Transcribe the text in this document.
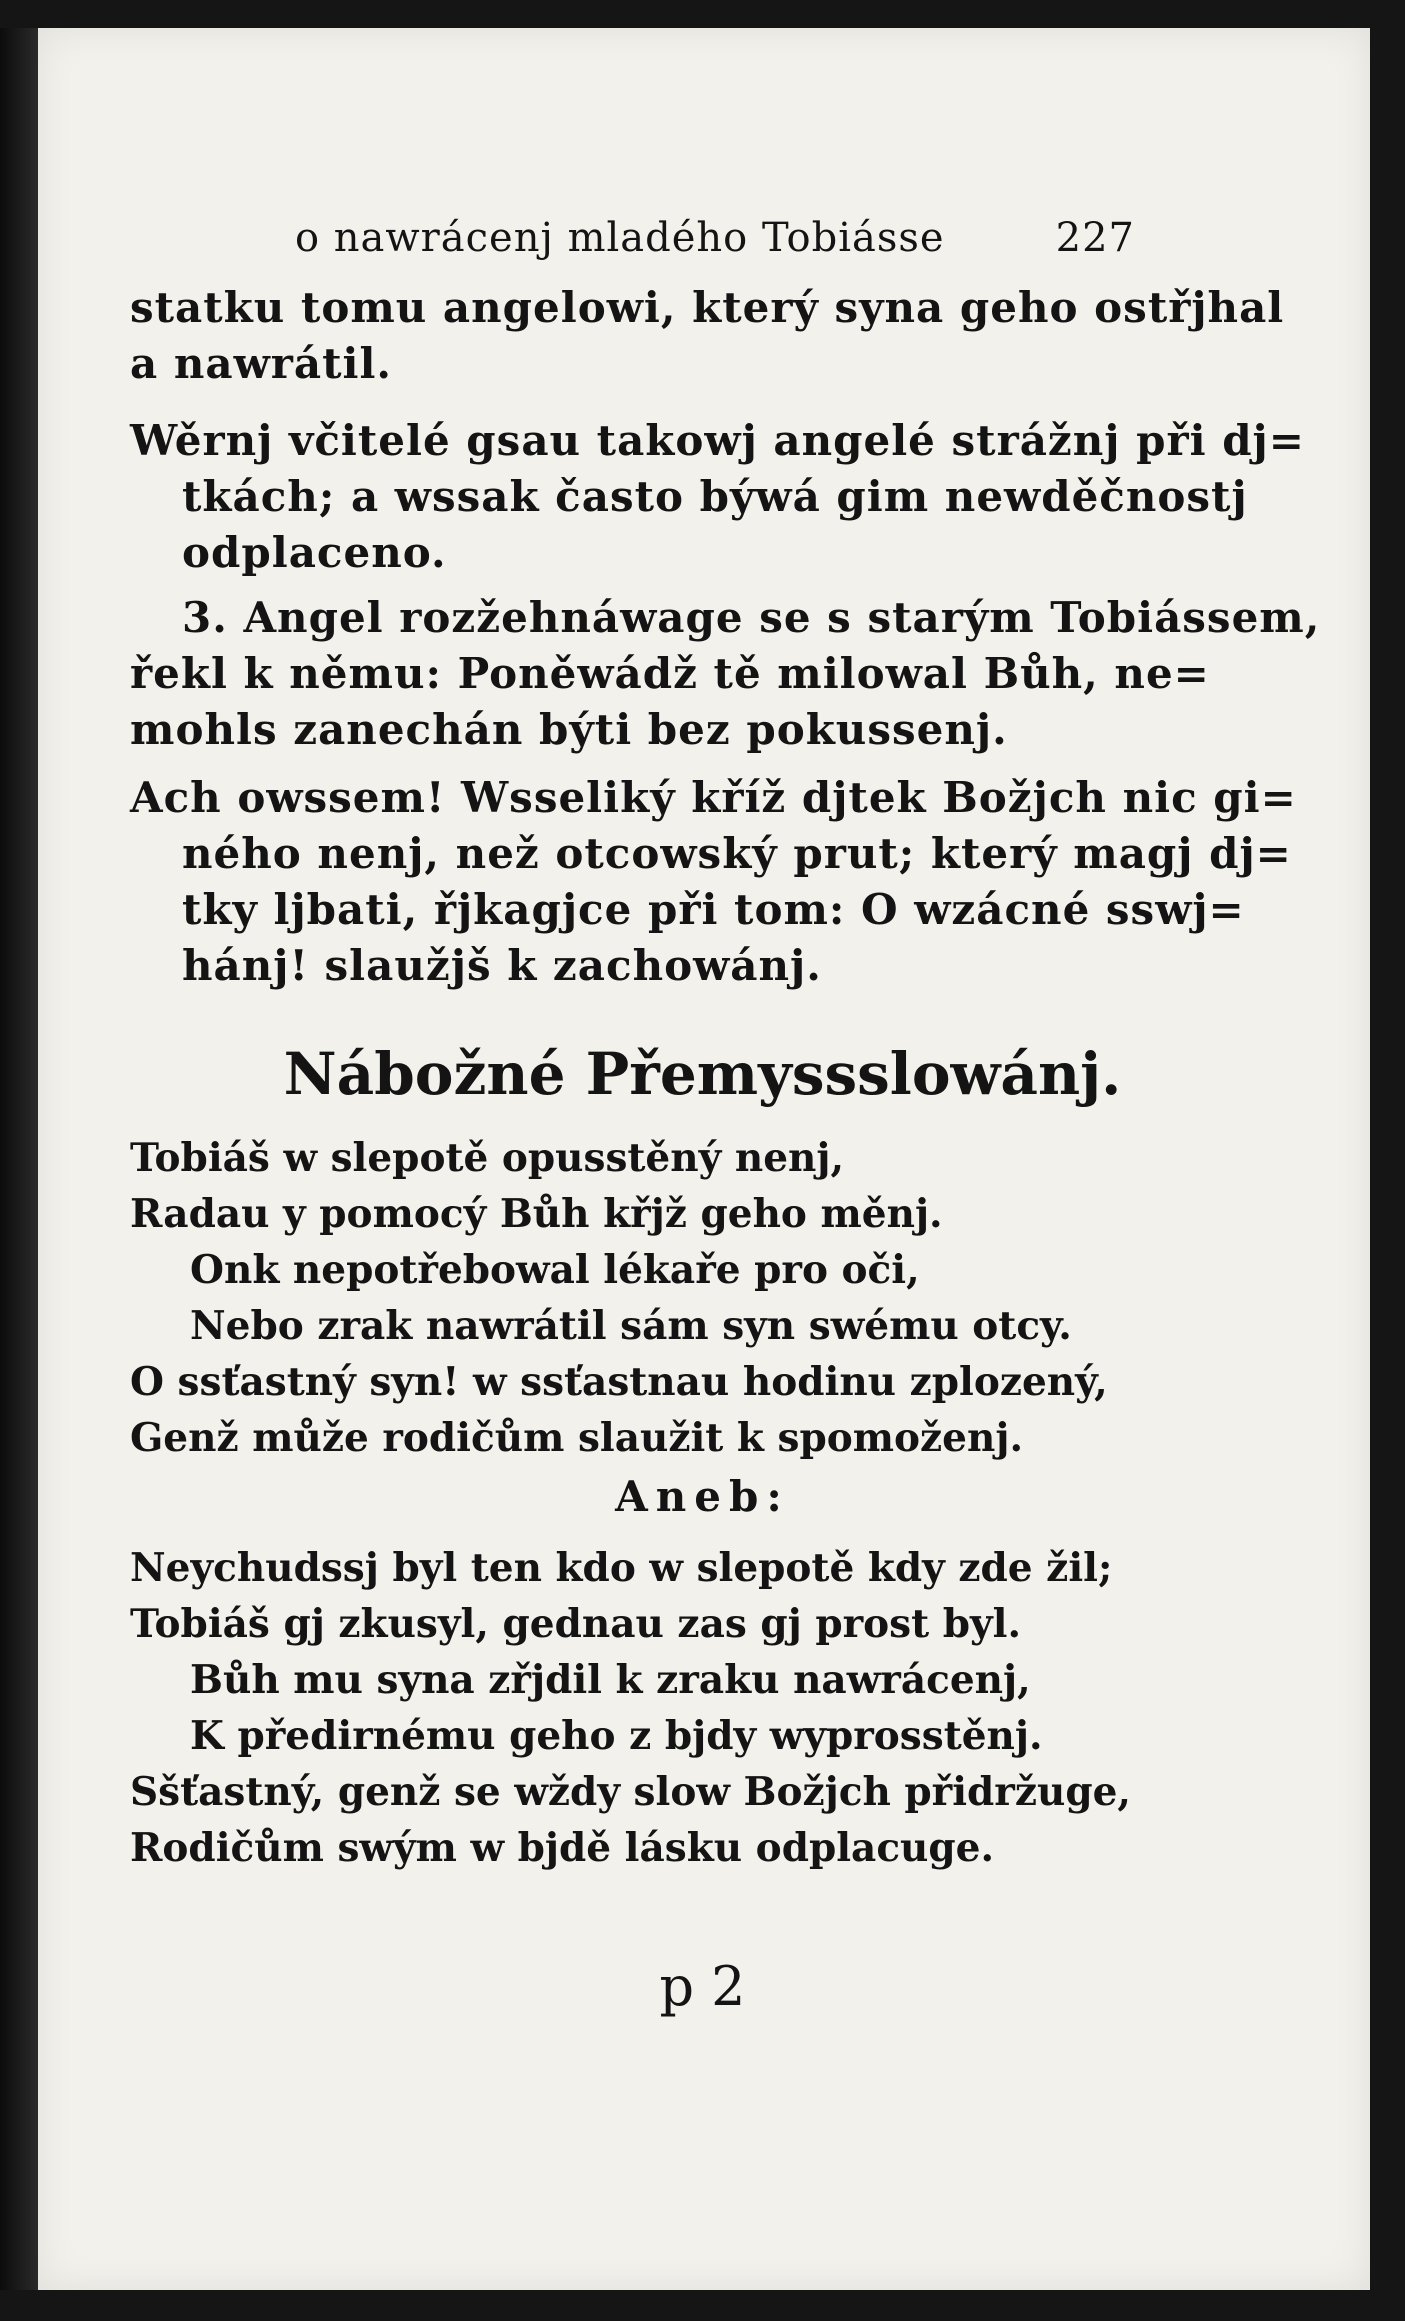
o nawrácenj mladého Tobiásse	227
statku tomu angelowi, který syna geho ostřjhal
a nawrátil.
Wěrnj včitelé gsau takowj angelé strážnj při dj=
tkách; a wssak často býwá gim newděčnostj
odplaceno.
3. Angel rozžehnáwage se s starým Tobiássem,
řekl k němu: Poněwádž tě milowal Bůh, ne=
mohls zanechán býti bez pokussenj.
Ach owssem! Wsseliký kříž djtek Božjch nic gi=
ného nenj, než otcowský prut; který magj dj=
tky ljbati, řjkagjce při tom: O wzácné sswj=
hánj! slaužjš k zachowánj.
Nábožné Přemyssslowánj.
Tobiáš w slepotě opusstěný nenj,
Radau y pomocý Bůh křjž geho měnj.
Onk nepotřebowal lékaře pro oči,
Nebo zrak nawrátil sám syn swému otcy.
O ssťastný syn! w ssťastnau hodinu zplozený,
Genž může rodičům slaužit k spomoženj.
Aneb:
Neychudssj byl ten kdo w slepotě kdy zde žil;
Tobiáš gj zkusyl, gednau zas gj prost byl.
Bůh mu syna zřjdil k zraku nawrácenj,
K předirnému geho z bjdy wyprosstěnj.
Sšťastný, genž se wždy slow Božjch přidržuge,
Rodičům swým w bjdě lásku odplacuge.
p 2
